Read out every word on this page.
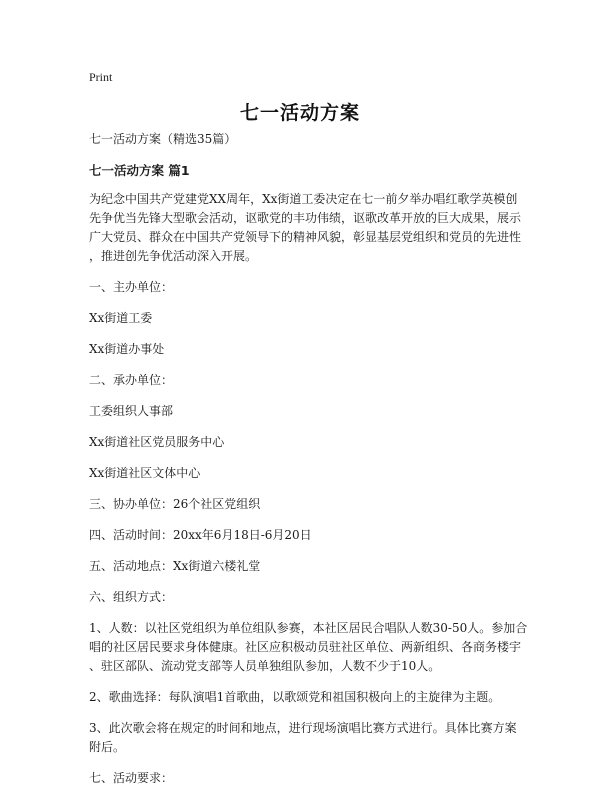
Print
七一活动方案

七一活动方案（精选35篇）

七一活动方案 篇1

为纪念中国共产党建党XX周年，Xx街道工委决定在七一前夕举办唱红歌学英模创
先争优当先锋大型歌会活动，讴歌党的丰功伟绩，讴歌改革开放的巨大成果，展示
广大党员、群众在中国共产党领导下的精神风貌，彰显基层党组织和党员的先进性
，推进创先争优活动深入开展。

一、主办单位：

Xx街道工委

Xx街道办事处

二、承办单位：

工委组织人事部

Xx街道社区党员服务中心

Xx街道社区文体中心

三、协办单位：26个社区党组织

四、活动时间：20xx年6月18日-6月20日

五、活动地点：Xx街道六楼礼堂

六、组织方式：

1、人数：以社区党组织为单位组队参赛，本社区居民合唱队人数30-50人。参加合
唱的社区居民要求身体健康。社区应积极动员驻社区单位、两新组织、各商务楼宇
、驻区部队、流动党支部等人员单独组队参加，人数不少于10人。

2、歌曲选择：每队演唱1首歌曲，以歌颂党和祖国积极向上的主旋律为主题。

3、此次歌会将在规定的时间和地点，进行现场演唱比赛方式进行。具体比赛方案
附后。

七、活动要求：
